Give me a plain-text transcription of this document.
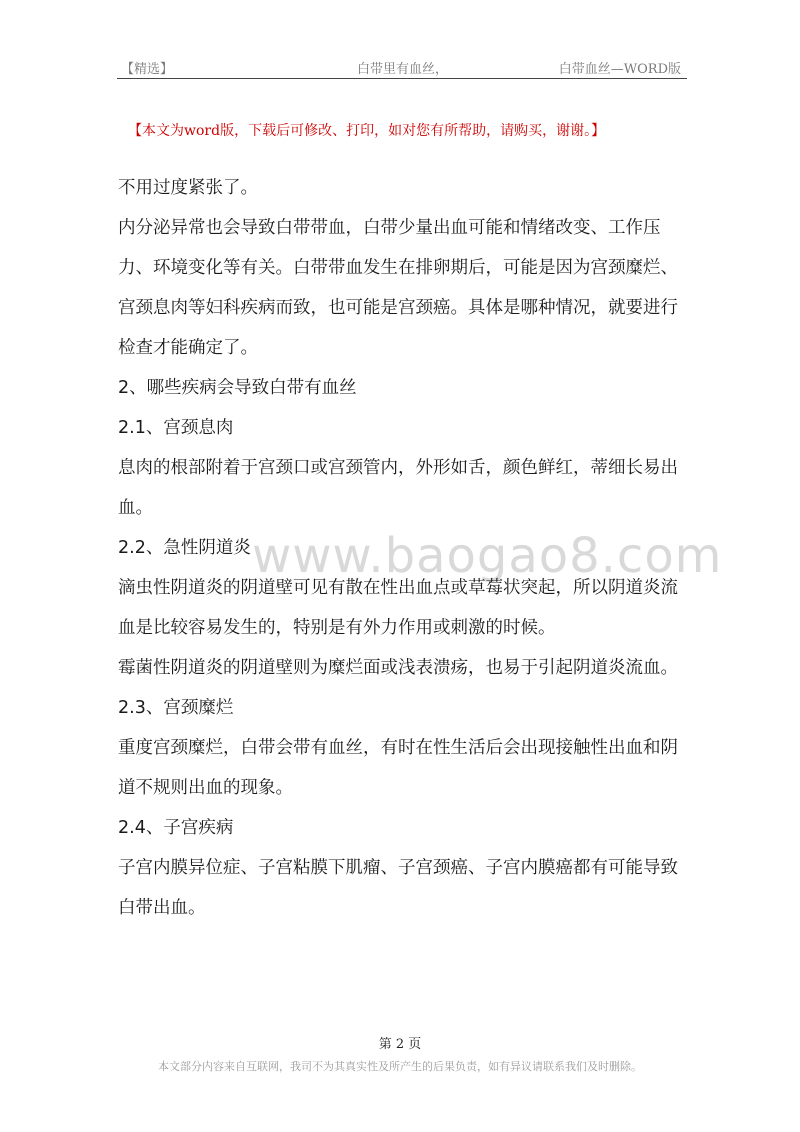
【精选】	白带里有血丝，	白带血丝—WORD版
【本文为word版，下载后可修改、打印，如对您有所帮助，请购买，谢谢。】
www.baogao8.com

不用过度紧张了。

内分泌异常也会导致白带带血，白带少量出血可能和情绪改变、工作压力、环境变化等有关。白带带血发生在排卵期后，可能是因为宫颈糜烂、宫颈息肉等妇科疾病而致，也可能是宫颈癌。具体是哪种情况，就要进行检查才能确定了。

2、哪些疾病会导致白带有血丝

2.1、宫颈息肉

息肉的根部附着于宫颈口或宫颈管内，外形如舌，颜色鲜红，蒂细长易出血。

2.2、急性阴道炎

滴虫性阴道炎的阴道壁可见有散在性出血点或草莓状突起，所以阴道炎流血是比较容易发生的，特别是有外力作用或刺激的时候。

霉菌性阴道炎的阴道壁则为糜烂面或浅表溃疡，也易于引起阴道炎流血。

2.3、宫颈糜烂

重度宫颈糜烂，白带会带有血丝，有时在性生活后会出现接触性出血和阴道不规则出血的现象。

2.4、子宫疾病

子宫内膜异位症、子宫粘膜下肌瘤、子宫颈癌、子宫内膜癌都有可能导致白带出血。

第 2 页
本文部分内容来自互联网，我司不为其真实性及所产生的后果负责，如有异议请联系我们及时删除。
